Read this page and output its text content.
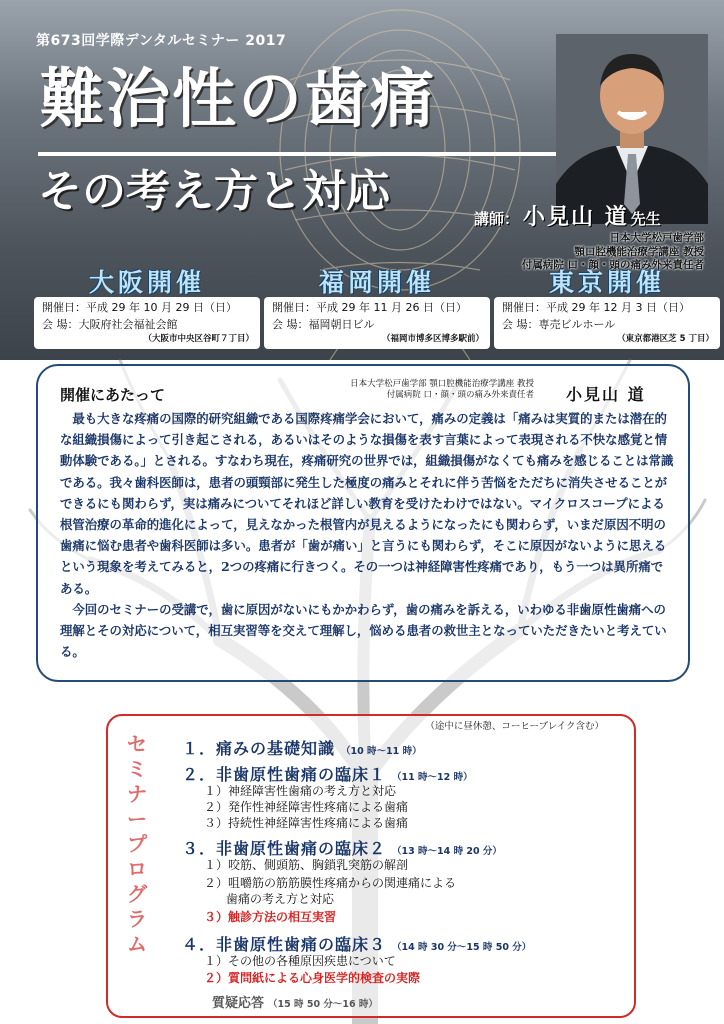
第673回学際デンタルセミナー 2017
難治性の歯痛
その考え方と対応
講師： 小見山 道 先生
日本大学松戸歯学部
顎口腔機能治療学講座 教授
付属病院 口・顔・頭の痛み外来責任者
大阪開催
開催日：平成 29 年 10 月 29 日（日）
会 場：大阪府社会福祉会館
（大阪市中央区谷町７丁目）
福岡開催
開催日：平成 29 年 11 月 26 日（日）
会 場：福岡朝日ビル
（福岡市博多区博多駅前）
東京開催
開催日：平成 29 年 12 月 3 日（日）
会 場：専売ビルホール
（東京都港区芝 5 丁目）
開催にあたって
日本大学松戸歯学部 顎口腔機能治療学講座 教授
付属病院 口・顔・頭の痛み外来責任者 小見山 道

最も大きな疼痛の国際的研究組織である国際疼痛学会において，痛みの定義は「痛みは実質的または潜在的な組織損傷によって引き起こされる，あるいはそのような損傷を表す言葉によって表現される不快な感覚と情動体験である。」とされる。すなわち現在，疼痛研究の世界では，組織損傷がなくても痛みを感じることは常識である。我々歯科医師は，患者の頭頸部に発生した極度の痛みとそれに伴う苦悩をただちに消失させることができるにも関わらず，実は痛みについてそれほど詳しい教育を受けたわけではない。マイクロスコープによる根管治療の革命的進化によって，見えなかった根管内が見えるようになったにも関わらず，いまだ原因不明の歯痛に悩む患者や歯科医師は多い。患者が「歯が痛い」と言うにも関わらず，そこに原因がないように思えるという現象を考えてみると，2つの疼痛に行きつく。その一つは神経障害性疼痛であり，もう一つは異所痛である。

今回のセミナーの受講で，歯に原因がないにもかかわらず，歯の痛みを訴える，いわゆる非歯原性歯痛への理解とその対応について，相互実習等を交えて理解し，悩める患者の救世主となっていただきたいと考えている。

（途中に昼休憩、コーヒーブレイク含む）
セ
ミ
ナ
ー
プ
ロ
グ
ラ
ム
１．痛みの基礎知識 （10 時～11 時）
２．非歯原性歯痛の臨床１ （11 時～12 時）
１）神経障害性歯痛の考え方と対応
２）発作性神経障害性疼痛による歯痛
３）持続性神経障害性疼痛による歯痛
３．非歯原性歯痛の臨床２ （13 時～14 時 20 分）
１）咬筋、側頭筋、胸鎖乳突筋の解剖
２）咀嚼筋の筋筋膜性疼痛からの関連痛による
歯痛の考え方と対応
３）触診方法の相互実習
４．非歯原性歯痛の臨床３ （14 時 30 分～15 時 50 分）
１）その他の各種原因疾患について
２）質問紙による心身医学的検査の実際
質疑応答 （15 時 50 分～16 時）
